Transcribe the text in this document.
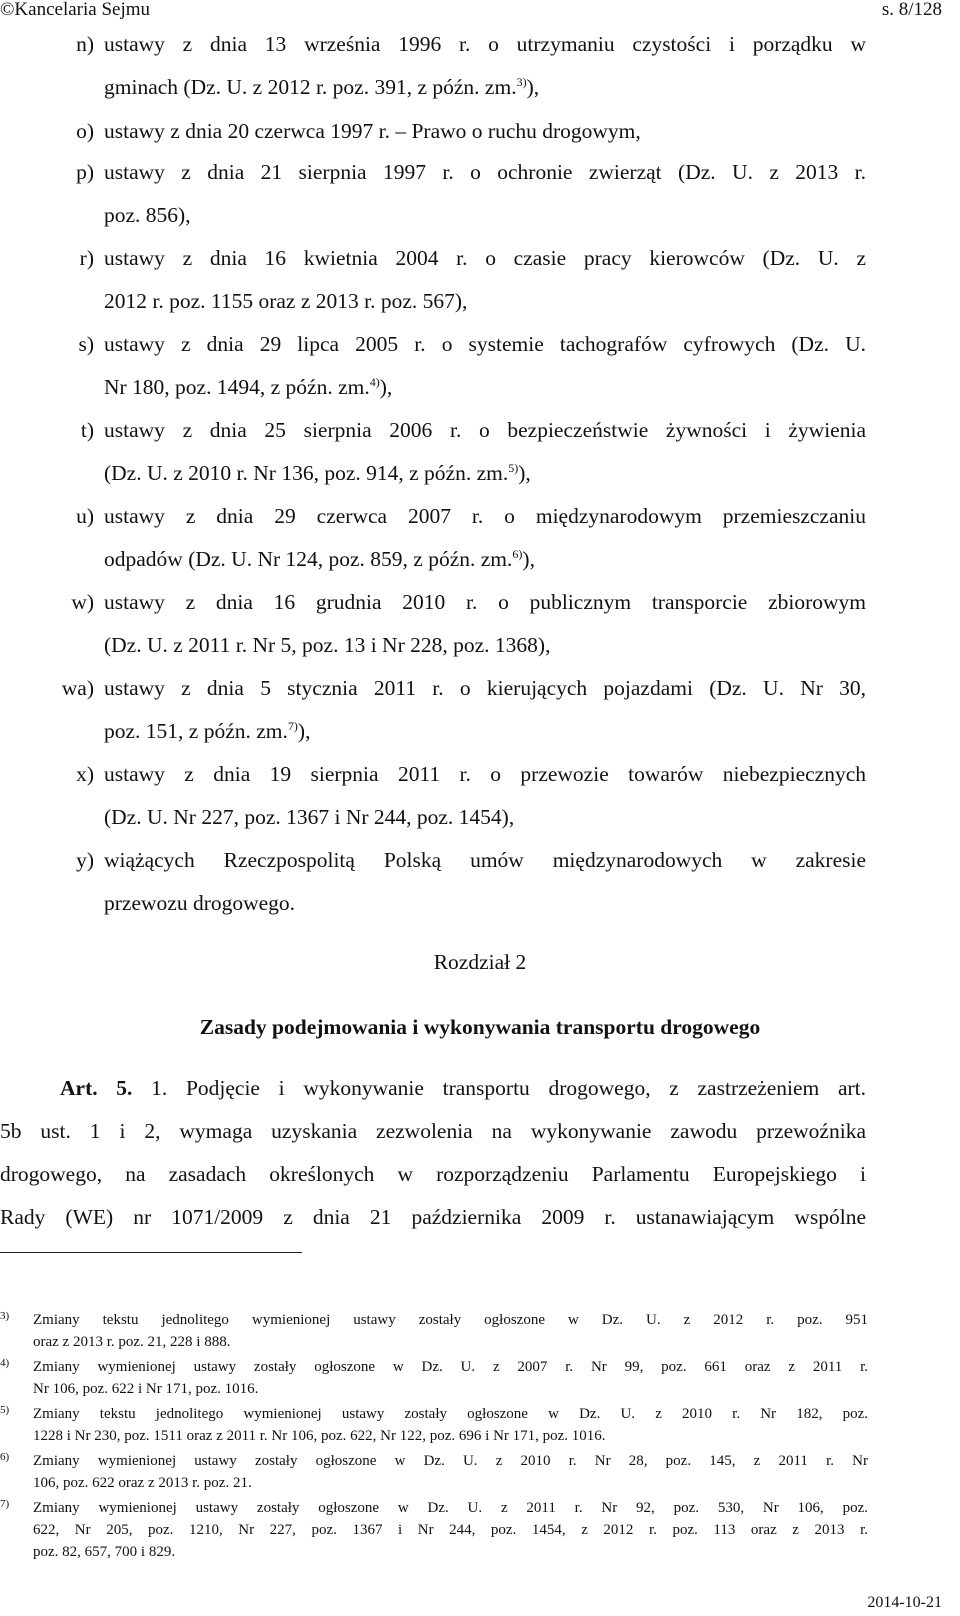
©Kancelaria Sejmu	s. 8/128
n) ustawy z dnia 13 września 1996 r. o utrzymaniu czystości i porządku w
gminach (Dz. U. z 2012 r. poz. 391, z późn. zm.$^{3)}$),
o) ustawy z dnia 20 czerwca 1997 r. – Prawo o ruchu drogowym,
p) ustawy z dnia 21 sierpnia 1997 r. o ochronie zwierząt (Dz. U. z 2013 r.
poz. 856),
r) ustawy z dnia 16 kwietnia 2004 r. o czasie pracy kierowców (Dz. U. z
2012 r. poz. 1155 oraz z 2013 r. poz. 567),
s) ustawy z dnia 29 lipca 2005 r. o systemie tachografów cyfrowych (Dz. U.
Nr 180, poz. 1494, z późn. zm.$^{4)}$),
t) ustawy z dnia 25 sierpnia 2006 r. o bezpieczeństwie żywności i żywienia
(Dz. U. z 2010 r. Nr 136, poz. 914, z późn. zm.$^{5)}$),
u) ustawy z dnia 29 czerwca 2007 r. o międzynarodowym przemieszczaniu
odpadów (Dz. U. Nr 124, poz. 859, z późn. zm.$^{6)}$),
w) ustawy z dnia 16 grudnia 2010 r. o publicznym transporcie zbiorowym
(Dz. U. z 2011 r. Nr 5, poz. 13 i Nr 228, poz. 1368),
wa) ustawy z dnia 5 stycznia 2011 r. o kierujących pojazdami (Dz. U. Nr 30,
poz. 151, z późn. zm.$^{7)}$),
x) ustawy z dnia 19 sierpnia 2011 r. o przewozie towarów niebezpiecznych
(Dz. U. Nr 227, poz. 1367 i Nr 244, poz. 1454),
y) wiążących Rzeczpospolitą Polską umów międzynarodowych w zakresie
przewozu drogowego.
Rozdział 2
Zasady podejmowania i wykonywania transportu drogowego
Art. 5. 1. Podjęcie i wykonywanie transportu drogowego, z zastrzeżeniem art.
5b ust. 1 i 2, wymaga uzyskania zezwolenia na wykonywanie zawodu przewoźnika
drogowego, na zasadach określonych w rozporządzeniu Parlamentu Europejskiego i
Rady (WE) nr 1071/2009 z dnia 21 października 2009 r. ustanawiającym wspólne
3) Zmiany tekstu jednolitego wymienionej ustawy zostały ogłoszone w Dz. U. z 2012 r. poz. 951
oraz z 2013 r. poz. 21, 228 i 888.
4) Zmiany wymienionej ustawy zostały ogłoszone w Dz. U. z 2007 r. Nr 99, poz. 661 oraz z 2011 r.
Nr 106, poz. 622 i Nr 171, poz. 1016.
5) Zmiany tekstu jednolitego wymienionej ustawy zostały ogłoszone w Dz. U. z 2010 r. Nr 182, poz.
1228 i Nr 230, poz. 1511 oraz z 2011 r. Nr 106, poz. 622, Nr 122, poz. 696 i Nr 171, poz. 1016.
6) Zmiany wymienionej ustawy zostały ogłoszone w Dz. U. z 2010 r. Nr 28, poz. 145, z 2011 r. Nr
106, poz. 622 oraz z 2013 r. poz. 21.
7) Zmiany wymienionej ustawy zostały ogłoszone w Dz. U. z 2011 r. Nr 92, poz. 530, Nr 106, poz.
622, Nr 205, poz. 1210, Nr 227, poz. 1367 i Nr 244, poz. 1454, z 2012 r. poz. 113 oraz z 2013 r.
poz. 82, 657, 700 i 829.
2014-10-21
